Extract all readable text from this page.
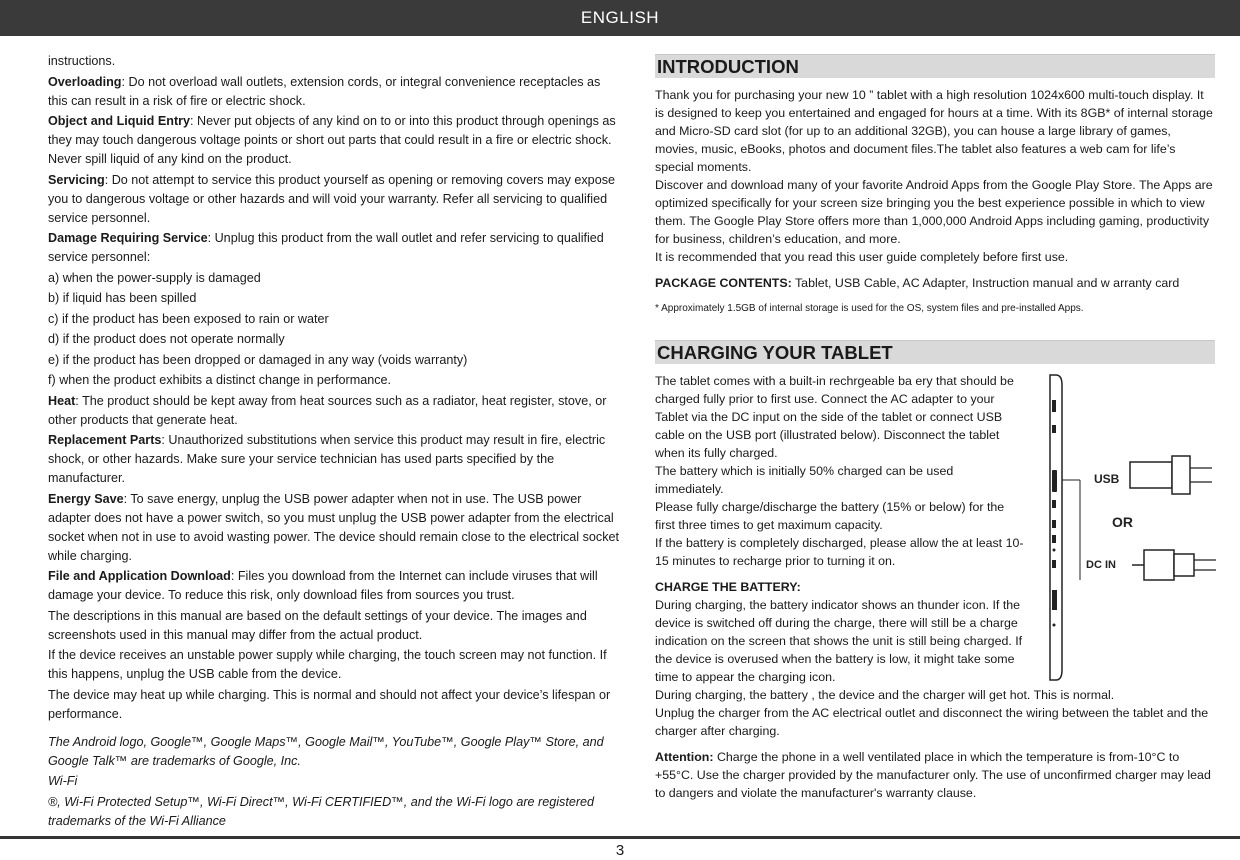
ENGLISH

instructions.

Overloading: Do not overload wall outlets, extension cords, or integral convenience receptacles as this can result in a risk of fire or electric shock.

Object and Liquid Entry: Never put objects of any kind on to or into this product through openings as they may touch dangerous voltage points or short out parts that could result in a fire or electric shock. Never spill liquid of any kind on the product.

Servicing: Do not attempt to service this product yourself as opening or removing covers may expose you to dangerous voltage or other hazards and will void your warranty. Refer all servicing to qualified service personnel.

Damage Requiring Service: Unplug this product from the wall outlet and refer servicing to qualified service personnel:

a) when the power-supply is damaged

b) if liquid has been spilled

c) if the product has been exposed to rain or water

d) if the product does not operate normally

e) if the product has been dropped or damaged in any way (voids warranty)

f) when the product exhibits a distinct change in performance.

Heat: The product should be kept away from heat sources such as a radiator, heat register, stove, or other products that generate heat.

Replacement Parts: Unauthorized substitutions when service this product may result in fire, electric shock, or other hazards. Make sure your service technician has used parts specified by the manufacturer.

Energy Save: To save energy, unplug the USB power adapter when not in use. The USB power adapter does not have a power switch, so you must unplug the USB power adapter from the electrical socket when not in use to avoid wasting power. The device should remain close to the electrical socket while charging.

File and Application Download: Files you download from the Internet can include viruses that will damage your device. To reduce this risk, only download files from sources you trust.

The descriptions in this manual are based on the default settings of your device. The images and screenshots used in this manual may differ from the actual product.

If the device receives an unstable power supply while charging, the touch screen may not function. If this happens, unplug the USB cable from the device.

The device may heat up while charging. This is normal and should not affect your device’s lifespan or performance.

The Android logo, Google™, Google Maps™, Google Mail™, YouTube™, Google Play™ Store, and Google Talk™ are trademarks of Google, Inc.

Wi-Fi

®, Wi-Fi Protected Setup™, Wi-Fi Direct™, Wi-Fi CERTIFIED™, and the Wi-Fi logo are registered trademarks of the Wi-Fi Alliance

INTRODUCTION

Thank you for purchasing your new 10 ” tablet with a high resolution 1024x600 multi-touch display. It is designed to keep you entertained and engaged for hours at a time. With its 8GB* of internal storage and Micro-SD card slot (for up to an additional 32GB), you can house a large library of games, movies, music, eBooks, photos and document files.The tablet also features a web cam for life’s special moments.

Discover and download many of your favorite Android Apps from the Google Play Store. The Apps are optimized specifically for your screen size bringing you the best experience possible in which to view them. The Google Play Store offers more than 1,000,000 Android Apps including gaming, productivity for business, children’s education, and more.

It is recommended that you read this user guide completely before first use.

PACKAGE CONTENTS: Tablet, USB Cable, AC Adapter, Instruction manual and w arranty card

* Approximately 1.5GB of internal storage is used for the OS, system files and pre-installed Apps.

CHARGING YOUR TABLET

The tablet comes with a built-in rechrgeable ba ery that should be charged fully prior to first use. Connect the AC adapter to your Tablet via the DC input on the side of the tablet or connect USB cable on the USB port (illustrated below). Disconnect the tablet when its fully charged.

The battery which is initially 50% charged can be used immediately.

Please fully charge/discharge the battery (15% or below) for the first three times to get maximum capacity.

If the battery is completely discharged, please allow the at least 10-15 minutes to recharge prior to turning it on.

CHARGE THE BATTERY:

During charging, the battery indicator shows an thunder icon. If the device is switched off during the charge, there will still be a charge indication on the screen that shows the unit is still being charged. If the device is overused when the battery is low, it might take some time to appear the charging icon.

During charging, the battery , the device and the charger will get hot. This is normal.

Unplug the charger from the AC electrical outlet and disconnect the wiring between the tablet and the charger after charging.

Attention: Charge the phone in a well ventilated place in which the temperature is from-10°C to +55°C. Use the charger provided by the manufacturer only. The use of unconfirmed charger may lead to dangers and violate the manufacturer's warranty clause.

USB
OR
DC IN
3
